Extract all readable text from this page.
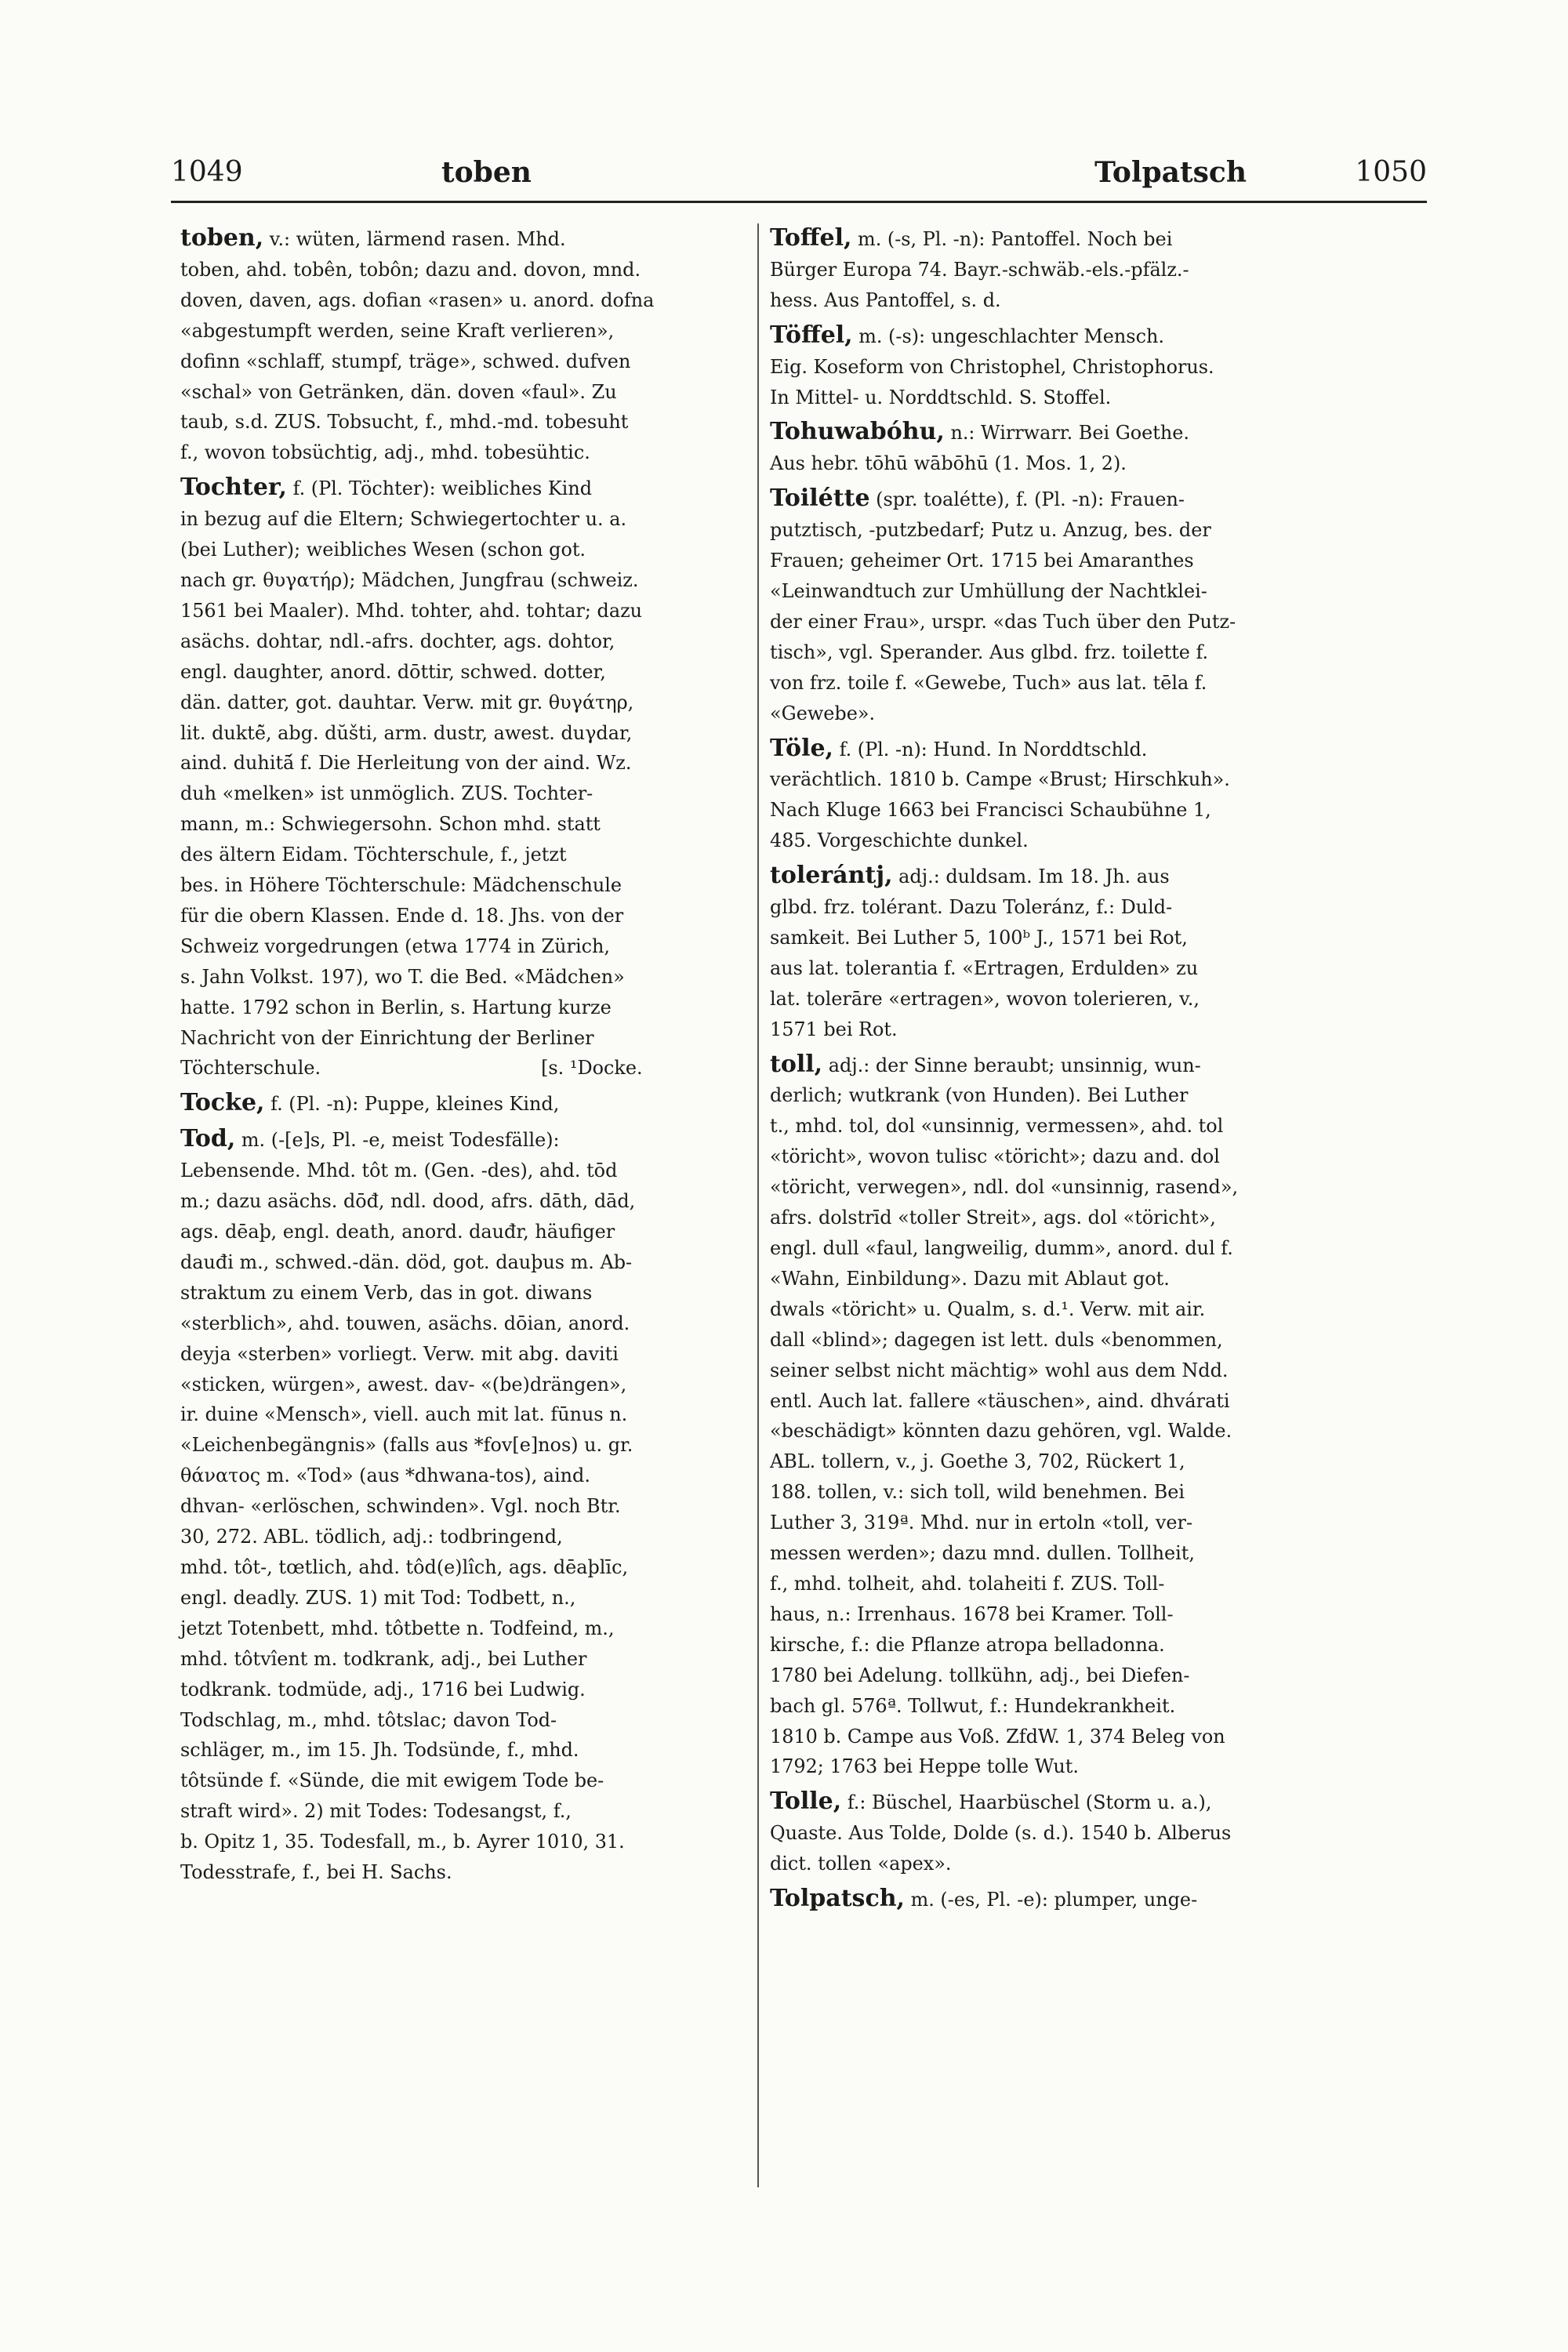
1049	toben	Tolpatsch	1050

toben, v.: wüten, lärmend rasen. Mhd.
toben, ahd. tobên, tobôn; dazu and. dovon, mnd.
doven, daven, ags. dofian «rasen» u. anord. dofna
«abgestumpft werden, seine Kraft verlieren»,
dofinn «schlaff, stumpf, träge», schwed. dufven
«schal» von Getränken, dän. doven «faul». Zu
taub, s.d. ZUS. Tobsucht, f., mhd.-md. tobesuht
f., wovon tobsüchtig, adj., mhd. tobesühtic.

Tochter, f. (Pl. Töchter): weibliches Kind
in bezug auf die Eltern; Schwiegertochter u. a.
(bei Luther); weibliches Wesen (schon got.
nach gr. θυγατήρ); Mädchen, Jungfrau (schweiz.
1561 bei Maaler). Mhd. tohter, ahd. tohtar; dazu
asächs. dohtar, ndl.-afrs. dochter, ags. dohtor,
engl. daughter, anord. dōttir, schwed. dotter,
dän. datter, got. dauhtar. Verw. mit gr. θυγάτηρ,
lit. duktė̃, abg. dŭšti, arm. dustr, awest. duγdar,
aind. duhitā́ f. Die Herleitung von der aind. Wz.
duh «melken» ist unmöglich. ZUS. Tochter-
mann, m.: Schwiegersohn. Schon mhd. statt
des ältern Eidam. Töchterschule, f., jetzt
bes. in Höhere Töchterschule: Mädchenschule
für die obern Klassen. Ende d. 18. Jhs. von der
Schweiz vorgedrungen (etwa 1774 in Zürich,
s. Jahn Volkst. 197), wo T. die Bed. «Mädchen»
hatte. 1792 schon in Berlin, s. Hartung kurze
Nachricht von der Einrichtung der Berliner
Töchterschule.                                     [s. ¹Docke.

Tocke, f. (Pl. -n): Puppe, kleines Kind,

Tod, m. (-[e]s, Pl. -e, meist Todesfälle):
Lebensende. Mhd. tôt m. (Gen. -des), ahd. tōd
m.; dazu asächs. dōđ, ndl. dood, afrs. dāth, dād,
ags. dēaþ, engl. death, anord. dauđr, häufiger
dauđi m., schwed.-dän. död, got. dauþus m. Ab-
straktum zu einem Verb, das in got. diwans
«sterblich», ahd. touwen, asächs. dōian, anord.
deyja «sterben» vorliegt. Verw. mit abg. daviti
«sticken, würgen», awest. dav- «(be)drängen»,
ir. duine «Mensch», viell. auch mit lat. fūnus n.
«Leichenbegängnis» (falls aus *fov[e]nos) u. gr.
θάνατος m. «Tod» (aus *dhwana-tos), aind.
dhvan- «erlöschen, schwinden». Vgl. noch Btr.
30, 272. ABL. tödlich, adj.: todbringend,
mhd. tôt-, tœtlich, ahd. tôd(e)lîch, ags. dēaþlīc,
engl. deadly. ZUS. 1) mit Tod: Todbett, n.,
jetzt Totenbett, mhd. tôtbette n. Todfeind, m.,
mhd. tôtvîent m. todkrank, adj., bei Luther
todkrank. todmüde, adj., 1716 bei Ludwig.
Todschlag, m., mhd. tôtslac; davon Tod-
schläger, m., im 15. Jh. Todsünde, f., mhd.
tôtsünde f. «Sünde, die mit ewigem Tode be-
straft wird». 2) mit Todes: Todesangst, f.,
b. Opitz 1, 35. Todesfall, m., b. Ayrer 1010, 31.
Todesstrafe, f., bei H. Sachs.

Toffel, m. (-s, Pl. -n): Pantoffel. Noch bei
Bürger Europa 74. Bayr.-schwäb.-els.-pfälz.-
hess. Aus Pantoffel, s. d.

Töffel, m. (-s): ungeschlachter Mensch.
Eig. Koseform von Christophel, Christophorus.
In Mittel- u. Norddtschld. S. Stoffel.

Tohuwabóhu, n.: Wirrwarr. Bei Goethe.
Aus hebr. tōhū wābōhū (1. Mos. 1, 2).

Toilétte (spr. toalétte), f. (Pl. -n): Frauen-
putztisch, -putzbedarf; Putz u. Anzug, bes. der
Frauen; geheimer Ort. 1715 bei Amaranthes
«Leinwandtuch zur Umhüllung der Nachtklei-
der einer Frau», urspr. «das Tuch über den Putz-
tisch», vgl. Sperander. Aus glbd. frz. toilette f.
von frz. toile f. «Gewebe, Tuch» aus lat. tēla f.
«Gewebe».

Töle, f. (Pl. -n): Hund. In Norddtschld.
verächtlich. 1810 b. Campe «Brust; Hirschkuh».
Nach Kluge 1663 bei Francisci Schaubühne 1,
485. Vorgeschichte dunkel.

tolerántj, adj.: duldsam. Im 18. Jh. aus
glbd. frz. tolérant. Dazu Toleránz, f.: Duld-
samkeit. Bei Luther 5, 100ᵇ J., 1571 bei Rot,
aus lat. tolerantia f. «Ertragen, Erdulden» zu
lat. tolerāre «ertragen», wovon tolerieren, v.,
1571 bei Rot.

toll, adj.: der Sinne beraubt; unsinnig, wun-
derlich; wutkrank (von Hunden). Bei Luther
t., mhd. tol, dol «unsinnig, vermessen», ahd. tol
«töricht», wovon tulisc «töricht»; dazu and. dol
«töricht, verwegen», ndl. dol «unsinnig, rasend»,
afrs. dolstrīd «toller Streit», ags. dol «töricht»,
engl. dull «faul, langweilig, dumm», anord. dul f.
«Wahn, Einbildung». Dazu mit Ablaut got.
dwals «töricht» u. Qualm, s. d.¹. Verw. mit air.
dall «blind»; dagegen ist lett. duls «benommen,
seiner selbst nicht mächtig» wohl aus dem Ndd.
entl. Auch lat. fallere «täuschen», aind. dhvárati
«beschädigt» könnten dazu gehören, vgl. Walde.
ABL. tollern, v., j. Goethe 3, 702, Rückert 1,
188. tollen, v.: sich toll, wild benehmen. Bei
Luther 3, 319ª. Mhd. nur in ertoln «toll, ver-
messen werden»; dazu mnd. dullen. Tollheit,
f., mhd. tolheit, ahd. tolaheiti f. ZUS. Toll-
haus, n.: Irrenhaus. 1678 bei Kramer. Toll-
kirsche, f.: die Pflanze atropa belladonna.
1780 bei Adelung. tollkühn, adj., bei Diefen-
bach gl. 576ª. Tollwut, f.: Hundekrankheit.
1810 b. Campe aus Voß. ZfdW. 1, 374 Beleg von
1792; 1763 bei Heppe tolle Wut.

Tolle, f.: Büschel, Haarbüschel (Storm u. a.),
Quaste. Aus Tolde, Dolde (s. d.). 1540 b. Alberus
dict. tollen «apex».

Tolpatsch, m. (-es, Pl. -e): plumper, unge-
